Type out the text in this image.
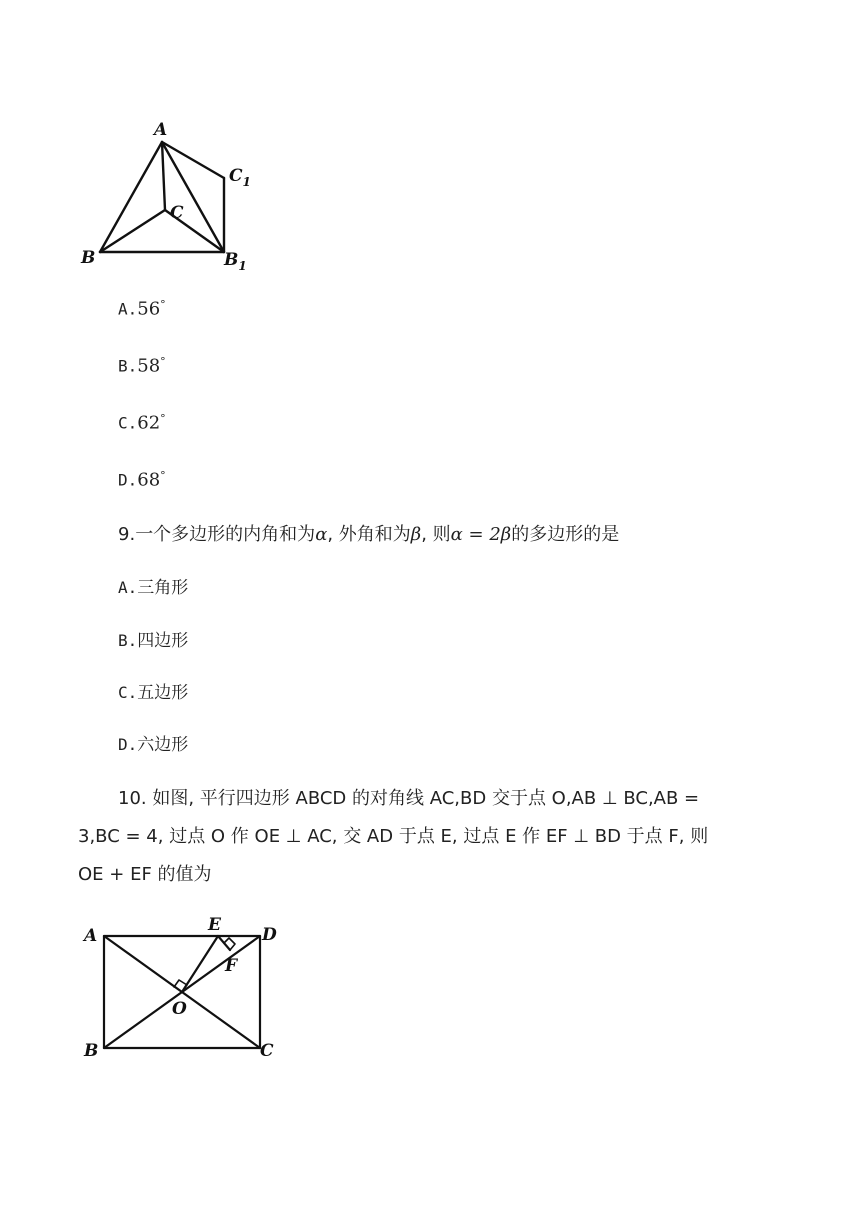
A
B
C
$C_1$
$B_1$
A.56°
B.58°
C.62°
D.68°
9.一个多边形的内角和为α, 外角和为β, 则α = 2β的多边形的是
A.三角形
B.四边形
C.五边形
D.六边形
10. 如图, 平行四边形 ABCD 的对角线 AC,BD 交于点 O,AB ⊥ BC,AB =
3,BC = 4, 过点 O 作 OE ⊥ AC, 交 AD 于点 E, 过点 E 作 EF ⊥ BD 于点 F, 则
OE + EF 的值为
A
B	C
D
E
F
O
